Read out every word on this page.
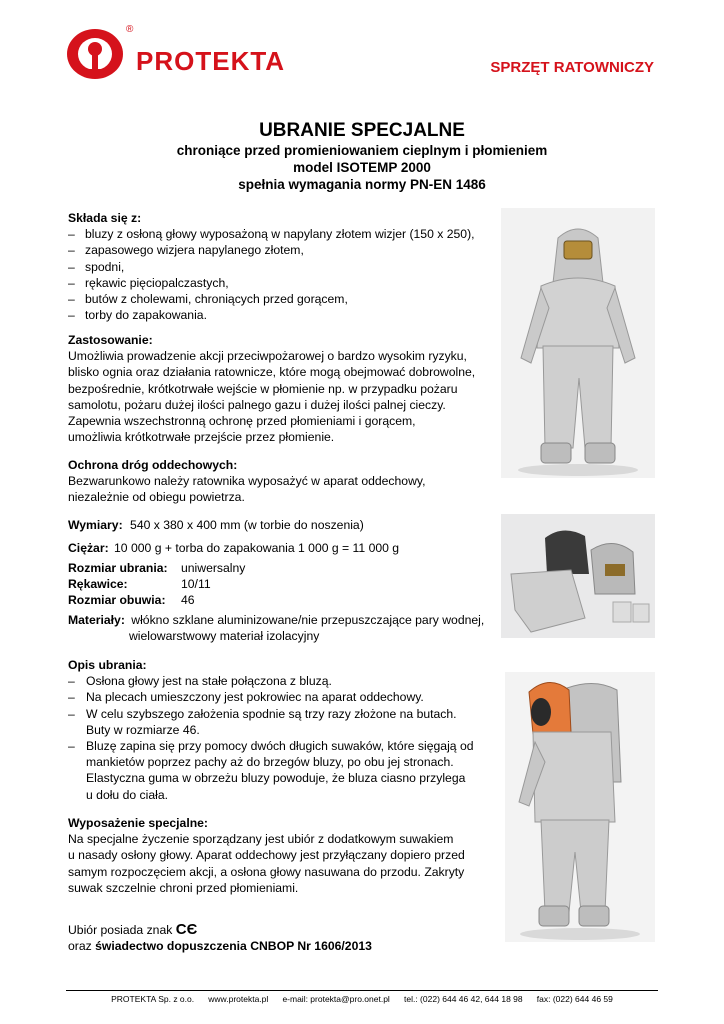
®
PROTEKTA	SPRZĘT RATOWNICZY
UBRANIE SPECJALNE
chroniące przed promieniowaniem cieplnym i płomieniem
model ISOTEMP 2000
spełnia wymagania normy PN-EN 1486
Składa się z:
– bluzy z osłoną głowy wyposażoną w napylany złotem wizjer (150 x 250),
– zapasowego wizjera napylanego złotem,
– spodni,
– rękawic pięciopalczastych,
– butów z cholewami, chroniących przed gorącem,
– torby do zapakowania.
Zastosowanie:
Umożliwia prowadzenie akcji przeciwpożarowej o bardzo wysokim ryzyku,
blisko ognia oraz działania ratownicze, które mogą obejmować dobrowolne,
bezpośrednie, krótkotrwałe wejście w płomienie np. w przypadku pożaru
samolotu, pożaru dużej ilości palnego gazu i dużej ilości palnej cieczy.
Zapewnia wszechstronną ochronę przed płomieniami i gorącem,
umożliwia krótkotrwałe przejście przez płomienie.
Ochrona dróg oddechowych:
Bezwarunkowo należy ratownika wyposażyć w aparat oddechowy,
niezależnie od obiegu powietrza.
Wymiary: 540 x 380 x 400 mm (w torbie do noszenia)
Ciężar: 10 000 g + torba do zapakowania 1 000 g = 11 000 g
Rozmiar ubrania:	uniwersalny
Rękawice:	10/11
Rozmiar obuwia:	46
Materiały: włókno szklane aluminizowane/nie przepuszczające pary wodnej,
wielowarstwowy materiał izolacyjny
Opis ubrania:
– Osłona głowy jest na stałe połączona z bluzą.
– Na plecach umieszczony jest pokrowiec na aparat oddechowy.
– W celu szybszego założenia spodnie są trzy razy złożone na butach.
Buty w rozmiarze 46.
– Bluzę zapina się przy pomocy dwóch długich suwaków, które sięgają od
mankietów poprzez pachy aż do brzegów bluzy, po obu jej stronach.
Elastyczna guma w obrzeżu bluzy powoduje, że bluza ciasno przylega
u dołu do ciała.
Wyposażenie specjalne:
Na specjalne życzenie sporządzany jest ubiór z dodatkowym suwakiem
u nasady osłony głowy. Aparat oddechowy jest przyłączany dopiero przed
samym rozpoczęciem akcji, a osłona głowy nasuwana do przodu. Zakryty
suwak szczelnie chroni przed płomieniami.
Ubiór posiada znak CЄ
oraz świadectwo dopuszczenia CNBOP Nr 1606/2013
PROTEKTA Sp. z o.o.      www.protekta.pl      e-mail: protekta@pro.onet.pl      tel.: (022) 644 46 42, 644 18 98      fax: (022) 644 46 59
